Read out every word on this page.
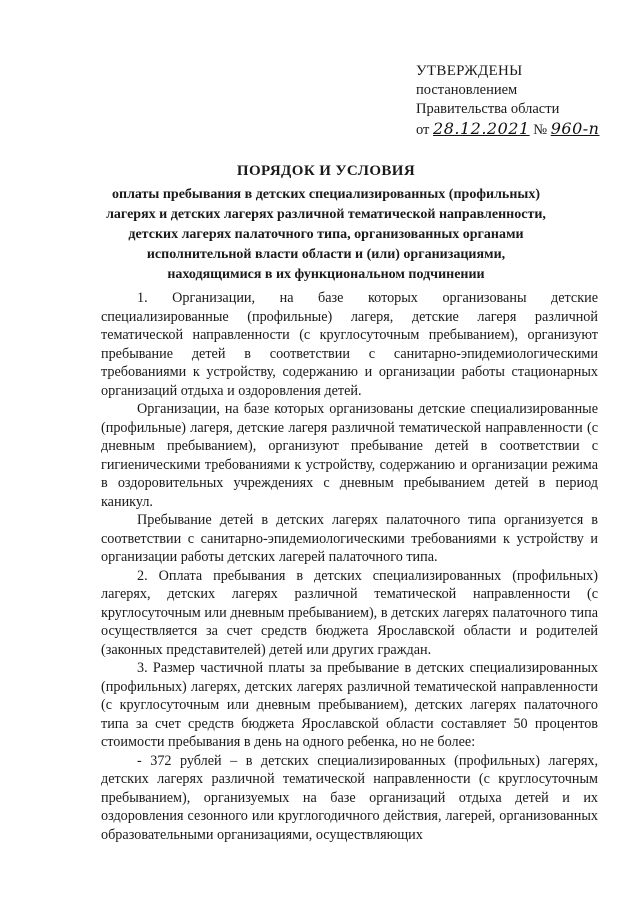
УТВЕРЖДЕНЫ
постановлением
Правительства области
от 28.12.2021 № 960-п
ПОРЯДОК И УСЛОВИЯ
оплаты пребывания в детских специализированных (профильных) лагерях и детских лагерях различной тематической направленности, детских лагерях палаточного типа, организованных органами исполнительной власти области и (или) организациями, находящимися в их функциональном подчинении

1. Организации, на базе которых организованы детские специализированные (профильные) лагеря, детские лагеря различной тематической направленности (с круглосуточным пребыванием), организуют пребывание детей в соответствии с санитарно-эпидемиологическими требованиями к устройству, содержанию и организации работы стационарных организаций отдыха и оздоровления детей.

Организации, на базе которых организованы детские специализированные (профильные) лагеря, детские лагеря различной тематической направленности (с дневным пребыванием), организуют пребывание детей в соответствии с гигиеническими требованиями к устройству, содержанию и организации режима в оздоровительных учреждениях с дневным пребыванием детей в период каникул.

Пребывание детей в детских лагерях палаточного типа организуется в соответствии с санитарно-эпидемиологическими требованиями к устройству и организации работы детских лагерей палаточного типа.

2. Оплата пребывания в детских специализированных (профильных) лагерях, детских лагерях различной тематической направленности (с круглосуточным или дневным пребыванием), в детских лагерях палаточного типа осуществляется за счет средств бюджета Ярославской области и родителей (законных представителей) детей или других граждан.

3. Размер частичной платы за пребывание в детских специализированных (профильных) лагерях, детских лагерях различной тематической направленности (с круглосуточным или дневным пребыванием), детских лагерях палаточного типа за счет средств бюджета Ярославской области составляет 50 процентов стоимости пребывания в день на одного ребенка, но не более:

- 372 рублей – в детских специализированных (профильных) лагерях, детских лагерях различной тематической направленности (с круглосуточным пребыванием), организуемых на базе организаций отдыха детей и их оздоровления сезонного или круглогодичного действия, лагерей, организованных образовательными организациями, осуществляющих
